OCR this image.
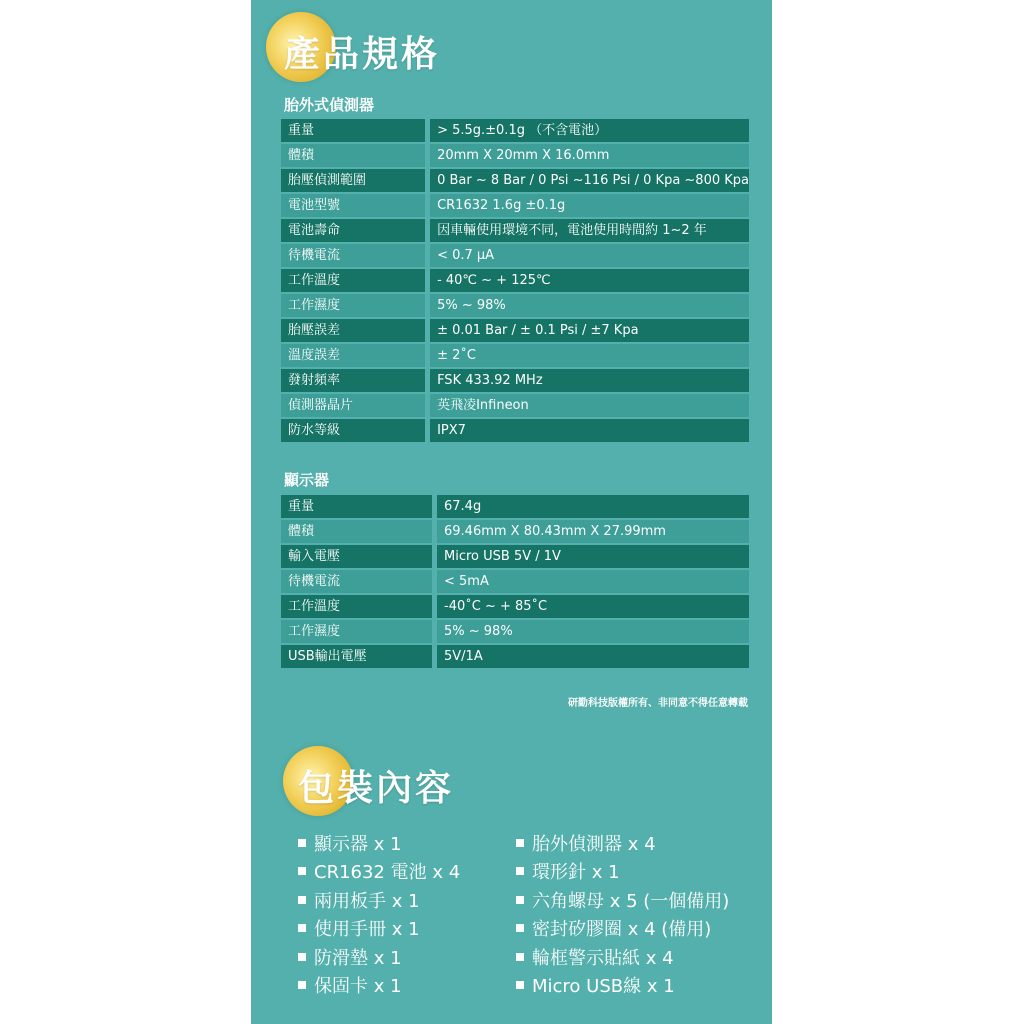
產品規格
胎外式偵測器
重量	> 5.5g.±0.1g （不含電池）
體積	20mm X 20mm X 16.0mm
胎壓偵測範圍	0 Bar ~ 8 Bar / 0 Psi ~116 Psi / 0 Kpa ~800 Kpa
電池型號	CR1632 1.6g ±0.1g
電池壽命	因車輛使用環境不同，電池使用時間約 1~2 年
待機電流	< 0.7 µA
工作溫度	- 40℃ ~ + 125℃
工作濕度	5% ~ 98%
胎壓誤差	± 0.01 Bar / ± 0.1 Psi / ±7 Kpa
溫度誤差	± 2˚C
發射頻率	FSK 433.92 MHz
偵測器晶片	英飛凌Infineon
防水等級	IPX7
顯示器
重量	67.4g
體積	69.46mm X 80.43mm X 27.99mm
輸入電壓	Micro USB 5V / 1V
待機電流	< 5mA
工作溫度	-40˚C ~ + 85˚C
工作濕度	5% ~ 98%
USB輸出電壓	5V/1A
研勤科技版權所有、非同意不得任意轉載
包裝內容
顯示器 x 1
CR1632 電池 x 4
兩用板手 x 1
使用手冊 x 1
防滑墊 x 1
保固卡 x 1
胎外偵測器 x 4
環形針 x 1
六角螺母 x 5 (一個備用)
密封矽膠圈 x 4 (備用)
輪框警示貼紙 x 4
Micro USB線 x 1
